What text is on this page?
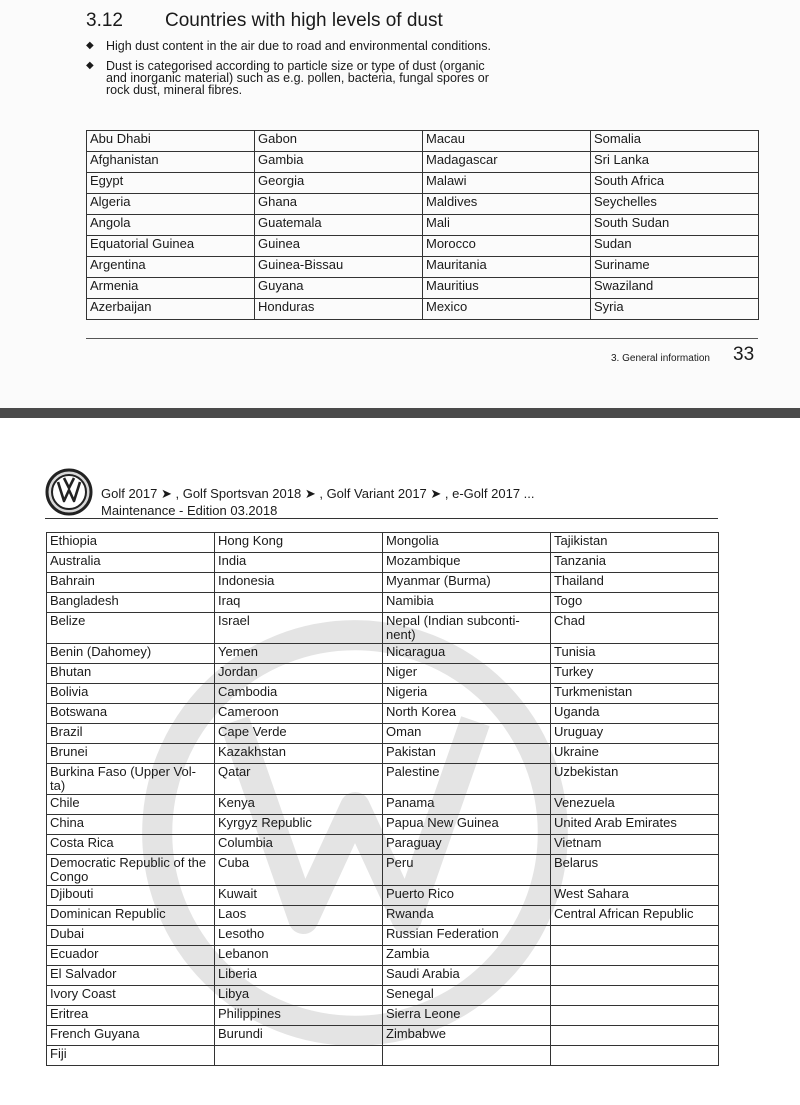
3.12 Countries with high levels of dust
◆ High dust content in the air due to road and environmental conditions.
◆ Dust is categorised according to particle size or type of dust (organic and inorganic material) such as e.g. pollen, bacteria, fungal spores or rock dust, mineral fibres.
Abu Dhabi	Gabon	Macau	Somalia
Afghanistan	Gambia	Madagascar	Sri Lanka
Egypt	Georgia	Malawi	South Africa
Algeria	Ghana	Maldives	Seychelles
Angola	Guatemala	Mali	South Sudan
Equatorial Guinea	Guinea	Morocco	Sudan
Argentina	Guinea-Bissau	Mauritania	Suriname
Armenia	Guyana	Mauritius	Swaziland
Azerbaijan	Honduras	Mexico	Syria
3. General information 33
Golf 2017 ➤ , Golf Sportsvan 2018 ➤ , Golf Variant 2017 ➤ , e-Golf 2017 ...
Maintenance - Edition 03.2018
Ethiopia	Hong Kong	Mongolia	Tajikistan
Australia	India	Mozambique	Tanzania
Bahrain	Indonesia	Myanmar (Burma)	Thailand
Bangladesh	Iraq	Namibia	Togo
Belize	Israel	Nepal (Indian subconti-nent)	Chad
Benin (Dahomey)	Yemen	Nicaragua	Tunisia
Bhutan	Jordan	Niger	Turkey
Bolivia	Cambodia	Nigeria	Turkmenistan
Botswana	Cameroon	North Korea	Uganda
Brazil	Cape Verde	Oman	Uruguay
Brunei	Kazakhstan	Pakistan	Ukraine
Burkina Faso (Upper Vol-ta)	Qatar	Palestine	Uzbekistan
Chile	Kenya	Panama	Venezuela
China	Kyrgyz Republic	Papua New Guinea	United Arab Emirates
Costa Rica	Columbia	Paraguay	Vietnam
Democratic Republic of the Congo	Cuba	Peru	Belarus
Djibouti	Kuwait	Puerto Rico	West Sahara
Dominican Republic	Laos	Rwanda	Central African Republic
Dubai	Lesotho	Russian Federation	
Ecuador	Lebanon	Zambia	
El Salvador	Liberia	Saudi Arabia	
Ivory Coast	Libya	Senegal	
Eritrea	Philippines	Sierra Leone	
French Guyana	Burundi	Zimbabwe	
Fiji			
